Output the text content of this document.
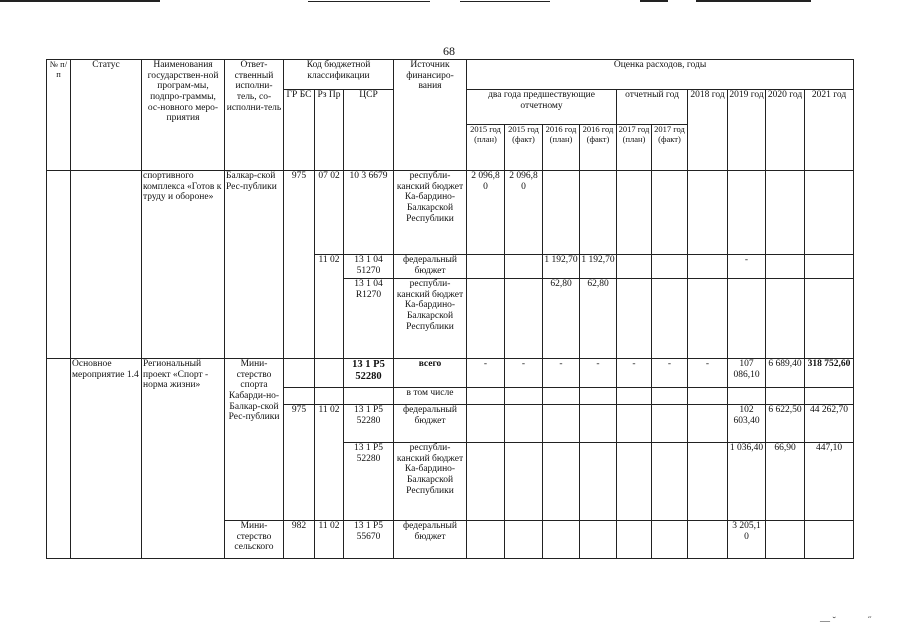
68
№ п/п	Статус	Наименования государствен-ной програм-мы, подпро-граммы, ос-новного меро-приятия	Ответ-ственный исполни-тель, со-исполни-тель	Код бюджетной классификации			Источник финансиро-вания	Оценка расходов, годы									
				ГР БС	Рз Пр	ЦСР		два года предшествующие отчетному				отчетный год		2018 год	2019 год	2020 год	2021 год
								2015 год (план)	2015 год (факт)	2016 год (план)	2016 год (факт)	2017 год (план)	2017 год (факт)				
		спортивного комплекса «Готов к труду и обороне»	Балкар-ской Рес-публики	975	07 02	10 3 6679	республи-канский бюджет Ка-бардино-Балкарской Республики	2 096,8 0	2 096,8 0								
					11 02	13 1 04 51270	федеральный бюджет			1 192,70	1 192,70				-		
						13 1 04 R1270	республи-канский бюджет Ка-бардино-Балкарской Республики			62,80	62,80						
	Основное мероприятие 1.4	Региональный проект «Спорт - норма жизни»	Мини-стерство спорта Кабарди-но-Балкар-ской Рес-публики			13 1 P5 52280	всего	-	-	-	-	-	-	-	107 086,10	6 689,40	318 752,60
							в том числе										
				975	11 02	13 1 P5 52280	федеральный бюджет								102 603,40	6 622,50	44 262,70
						13 1 P5 52280	республи-канский бюджет Ка-бардино-Балкарской Республики								1 036,40	66,90	447,10
			Мини-стерство сельского	982	11 02	13 1 P5 55670	федеральный бюджет								3 205,1 0		
— ˘	˝
